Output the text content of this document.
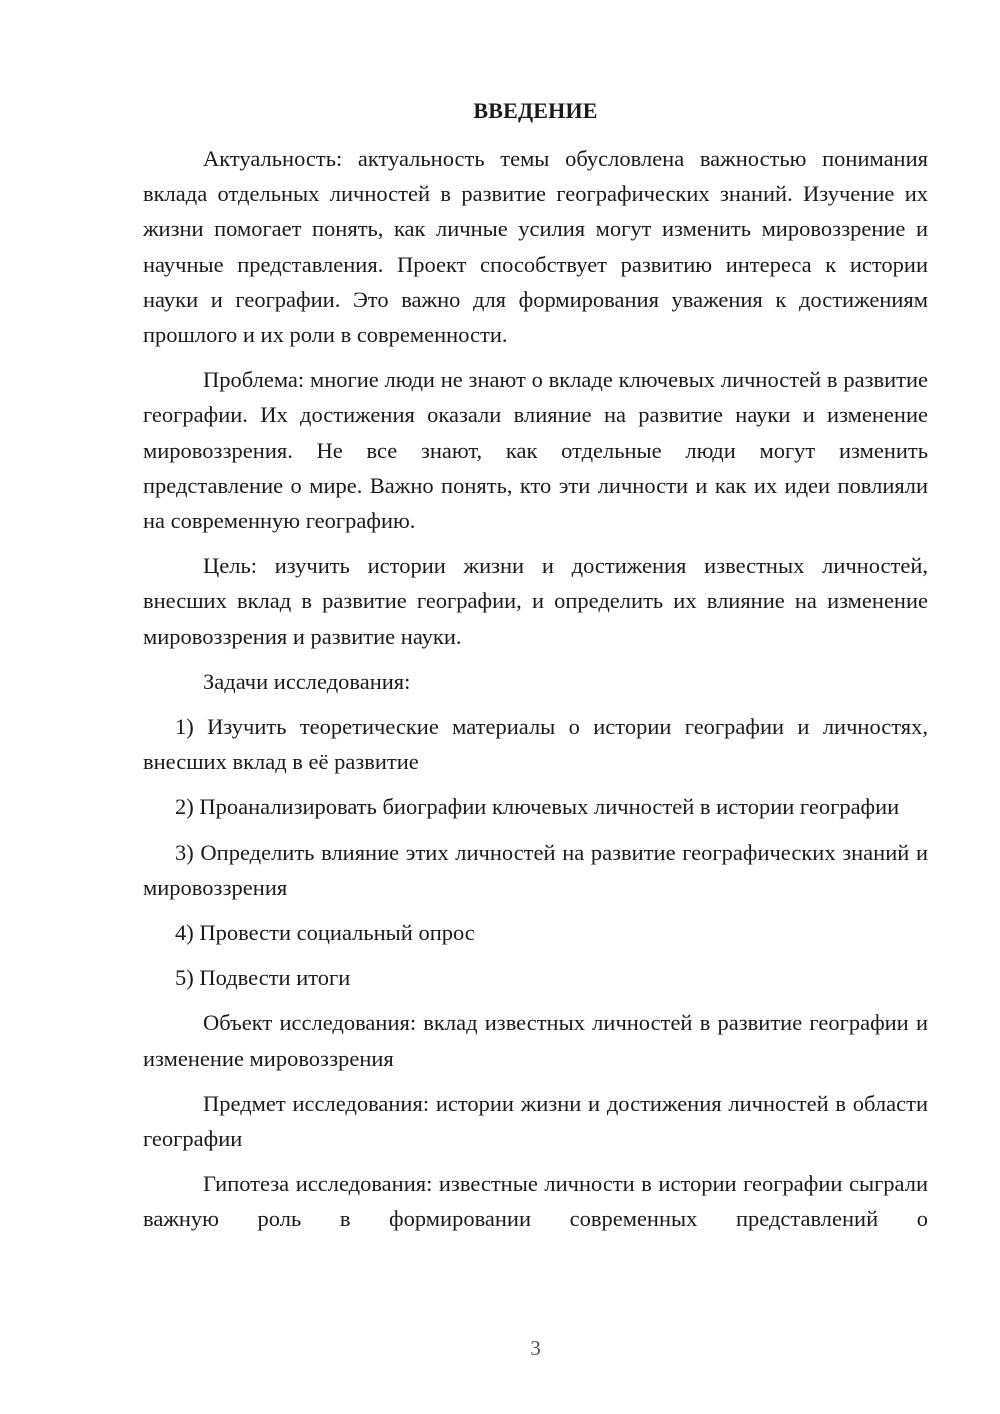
ВВЕДЕНИЕ

Актуальность: актуальность темы обусловлена важностью понимания вклада отдельных личностей в развитие географических знаний. Изучение их жизни помогает понять, как личные усилия могут изменить мировоззрение и научные представления. Проект способствует развитию интереса к истории науки и географии. Это важно для формирования уважения к достижениям прошлого и их роли в современности.

Проблема: многие люди не знают о вкладе ключевых личностей в развитие географии. Их достижения оказали влияние на развитие науки и изменение мировоззрения. Не все знают, как отдельные люди могут изменить представление о мире. Важно понять, кто эти личности и как их идеи повлияли на современную географию.

Цель: изучить истории жизни и достижения известных личностей, внесших вклад в развитие географии, и определить их влияние на изменение мировоззрения и развитие науки.

Задачи исследования:

1) Изучить теоретические материалы о истории географии и личностях, внесших вклад в её развитие

2) Проанализировать биографии ключевых личностей в истории географии

3) Определить влияние этих личностей на развитие географических знаний и мировоззрения

4) Провести социальный опрос

5) Подвести итоги

Объект исследования: вклад известных личностей в развитие географии и изменение мировоззрения

Предмет исследования: истории жизни и достижения личностей в области географии

Гипотеза исследования: известные личности в истории географии сыграли важную роль в формировании современных представлений о

3
